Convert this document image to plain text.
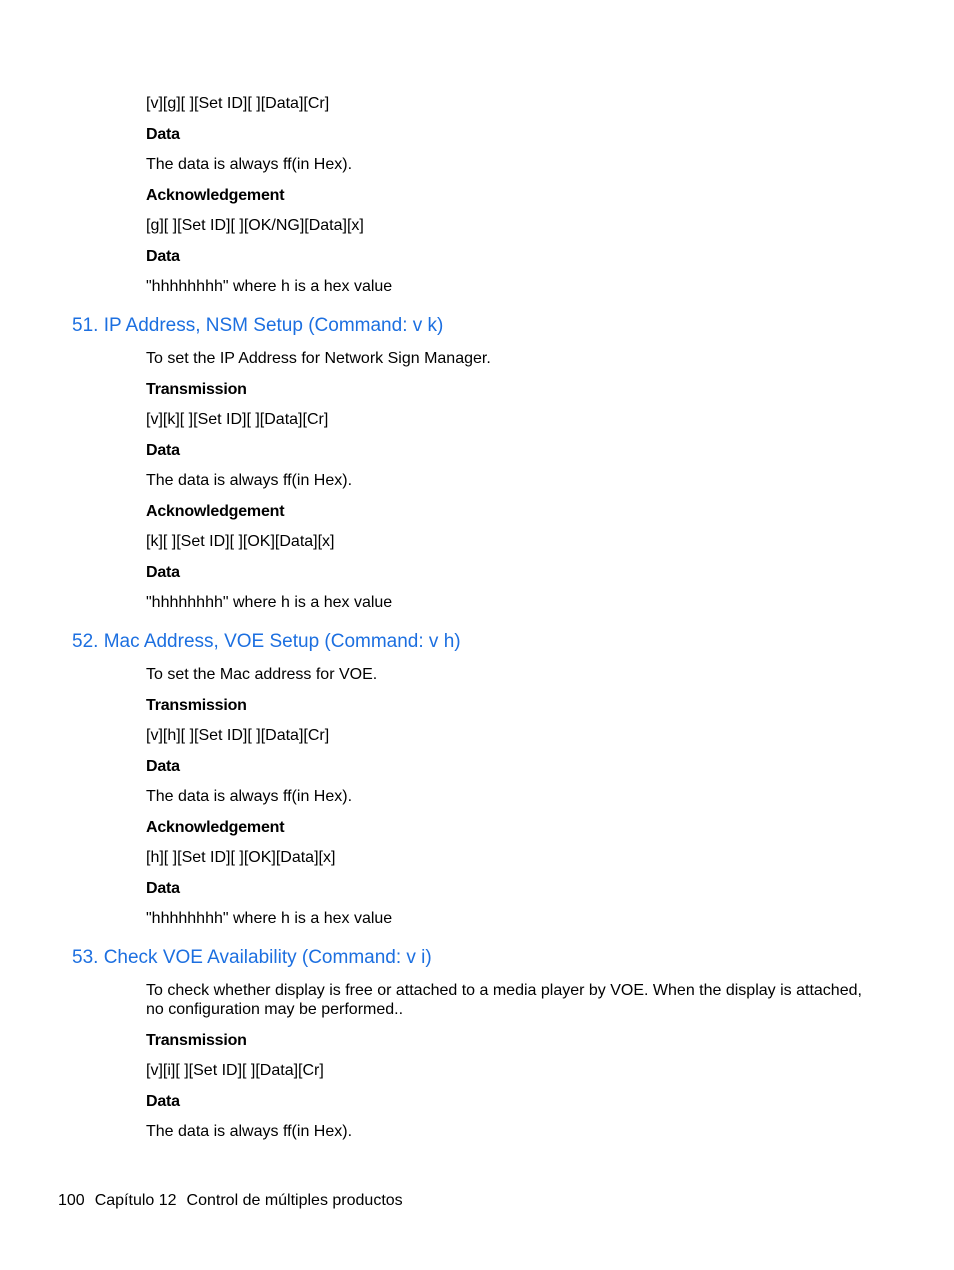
[v][g][ ][Set ID][ ][Data][Cr]
Data
The data is always ff(in Hex).
Acknowledgement
[g][ ][Set ID][ ][OK/NG][Data][x]
Data
"hhhhhhhh" where h is a hex value
51. IP Address, NSM Setup (Command: v k)
To set the IP Address for Network Sign Manager.
Transmission
[v][k][ ][Set ID][ ][Data][Cr]
Data
The data is always ff(in Hex).
Acknowledgement
[k][ ][Set ID][ ][OK][Data][x]
Data
"hhhhhhhh" where h is a hex value
52. Mac Address, VOE Setup (Command: v h)
To set the Mac address for VOE.
Transmission
[v][h][ ][Set ID][ ][Data][Cr]
Data
The data is always ff(in Hex).
Acknowledgement
[h][ ][Set ID][ ][OK][Data][x]
Data
"hhhhhhhh" where h is a hex value
53. Check VOE Availability (Command: v i)
To check whether display is free or attached to a media player by VOE. When the display is attached, no configuration may be performed..
Transmission
[v][i][ ][Set ID][ ][Data][Cr]
Data
The data is always ff(in Hex).
100 Capítulo 12 Control de múltiples productos
